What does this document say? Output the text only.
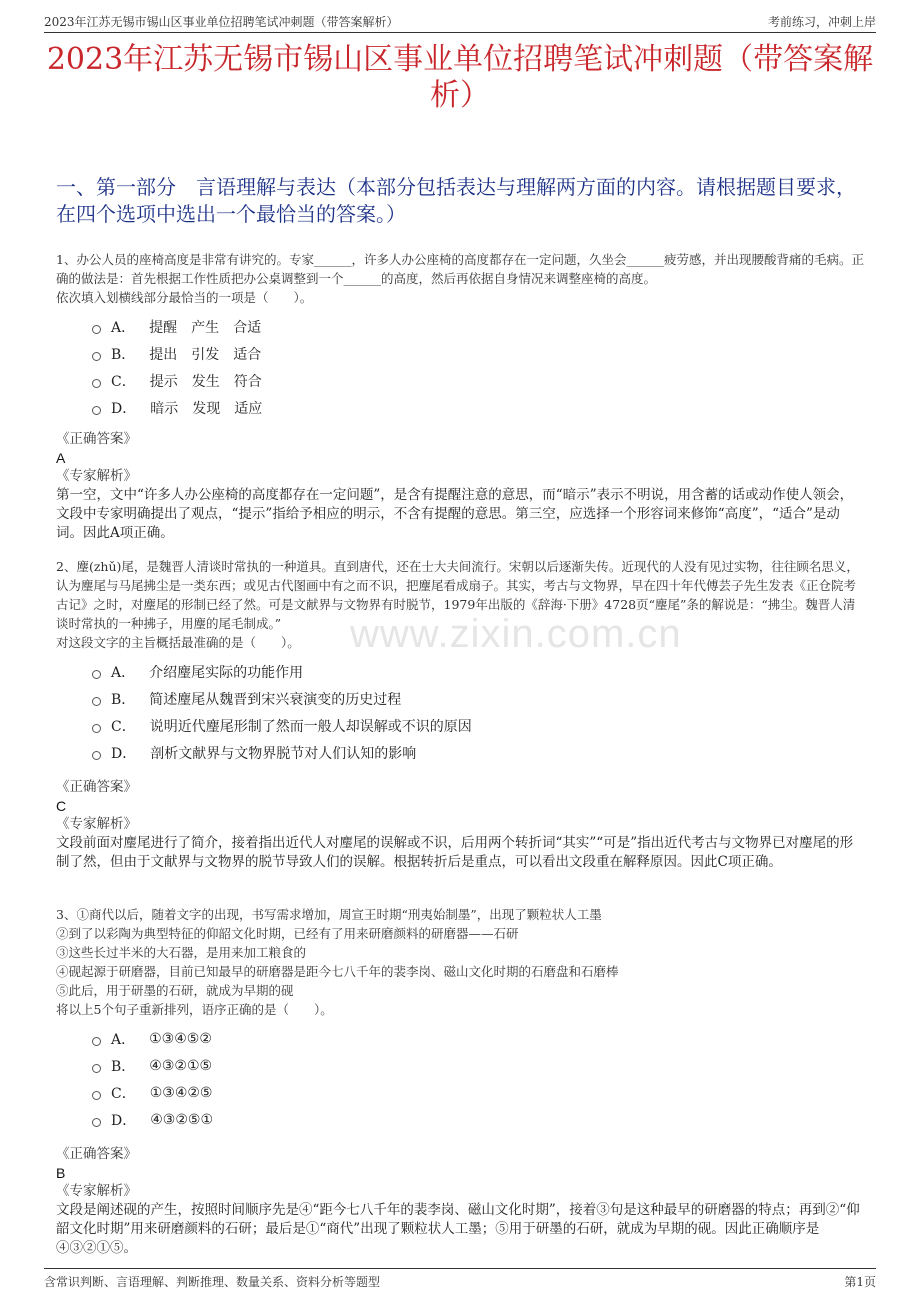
2023年江苏无锡市锡山区事业单位招聘笔试冲刺题（带答案解析）	考前练习，冲刺上岸
2023年江苏无锡市锡山区事业单位招聘笔试冲刺题（带答案解析）
一、第一部分　言语理解与表达（本部分包括表达与理解两方面的内容。请根据题目要求，在四个选项中选出一个最恰当的答案。）
www.zixin.com.cn
1、办公人员的座椅高度是非常有讲究的。专家______，许多人办公座椅的高度都存在一定问题，久坐会______疲劳感，并出现腰酸背痛的毛病。正确的做法是：首先根据工作性质把办公桌调整到一个______的高度，然后再依据自身情况来调整座椅的高度。
依次填入划横线部分最恰当的一项是（　　）。
A． 提醒　产生　合适
B． 提出　引发　适合
C． 提示　发生　符合
D． 暗示　发现　适应
《正确答案》
A
《专家解析》
第一空，文中“许多人办公座椅的高度都存在一定问题”，是含有提醒注意的意思，而“暗示”表示不明说，用含蓄的话或动作使人领会，文段中专家明确提出了观点，“提示”指给予相应的明示，不含有提醒的意思。第三空，应选择一个形容词来修饰“高度”，“适合”是动词。因此A项正确。
2、麈(zhǔ)尾，是魏晋人清谈时常执的一种道具。直到唐代，还在士大夫间流行。宋朝以后逐渐失传。近现代的人没有见过实物，往往顾名思义，认为麈尾与马尾拂尘是一类东西；或见古代图画中有之而不识，把麈尾看成扇子。其实，考古与文物界，早在四十年代傅芸子先生发表《正仓院考古记》之时，对麈尾的形制已经了然。可是文献界与文物界有时脱节，1979年出版的《辞海·下册》4728页“麈尾”条的解说是：“拂尘。魏晋人清谈时常执的一种拂子，用麈的尾毛制成。”
对这段文字的主旨概括最准确的是（　　）。
A． 介绍麈尾实际的功能作用
B． 简述麈尾从魏晋到宋兴衰演变的历史过程
C． 说明近代麈尾形制了然而一般人却误解或不识的原因
D． 剖析文献界与文物界脱节对人们认知的影响
《正确答案》
C
《专家解析》
文段前面对麈尾进行了简介，接着指出近代人对麈尾的误解或不识，后用两个转折词“其实”“可是”指出近代考古与文物界已对麈尾的形制了然，但由于文献界与文物界的脱节导致人们的误解。根据转折后是重点，可以看出文段重在解释原因。因此C项正确。
3、①商代以后，随着文字的出现，书写需求增加，周宣王时期“刑夷始制墨”，出现了颗粒状人工墨
②到了以彩陶为典型特征的仰韶文化时期，已经有了用来研磨颜料的研磨器——石研
③这些长过半米的大石器，是用来加工粮食的
④砚起源于研磨器，目前已知最早的研磨器是距今七八千年的裴李岗、磁山文化时期的石磨盘和石磨棒
⑤此后，用于研墨的石研，就成为早期的砚
将以上5个句子重新排列，语序正确的是（　　）。
A． ①③④⑤②
B． ④③②①⑤
C． ①③④②⑤
D． ④③②⑤①
《正确答案》
B
《专家解析》
文段是阐述砚的产生，按照时间顺序先是④“距今七八千年的裴李岗、磁山文化时期”，接着③句是这种最早的研磨器的特点；再到②“仰韶文化时期”用来研磨颜料的石研；最后是①“商代”出现了颗粒状人工墨；⑤用于研墨的石研，就成为早期的砚。因此正确顺序是④③②①⑤。
含常识判断、言语理解、判断推理、数量关系、资料分析等题型	第1页
